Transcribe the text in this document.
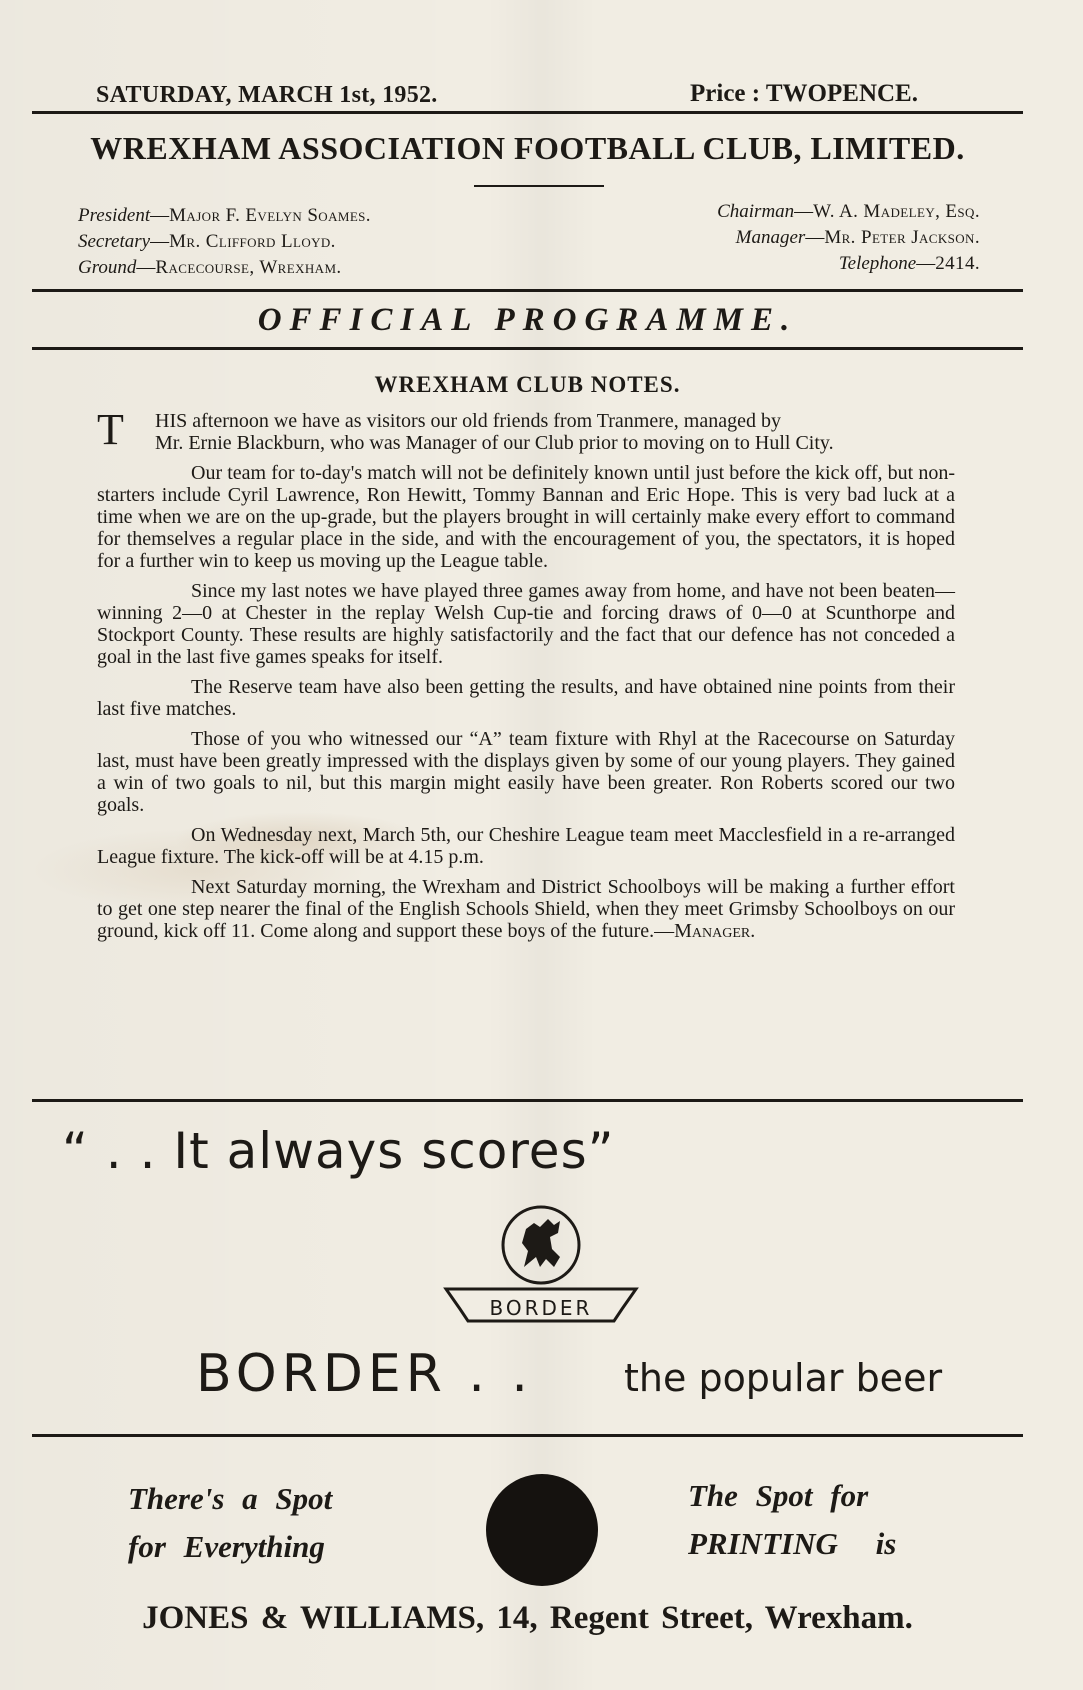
SATURDAY, MARCH 1st, 1952.	Price : TWOPENCE.
WREXHAM ASSOCIATION FOOTBALL CLUB, LIMITED.
President—Major F. Evelyn Soames.
Secretary—Mr. Clifford Lloyd.
Ground—Racecourse, Wrexham.
Chairman—W. A. Madeley, Esq.
Manager—Mr. Peter Jackson.
Telephone—2414.
OFFICIAL PROGRAMME.
WREXHAM CLUB NOTES.

T HIS afternoon we have as visitors our old friends from Tranmere, managed by
Mr. Ernie Blackburn, who was Manager of our Club prior to moving on to Hull City.

Our team for to-day's match will not be definitely known until just before the kick off, but non-starters include Cyril Lawrence, Ron Hewitt, Tommy Bannan and Eric Hope. This is very bad luck at a time when we are on the up-grade, but the players brought in will certainly make every effort to command for themselves a regular place in the side, and with the encouragement of you, the spectators, it is hoped for a further win to keep us moving up the League table.

Since my last notes we have played three games away from home, and have not been beaten—winning 2—0 at Chester in the replay Welsh Cup-tie and forcing draws of 0—0 at Scunthorpe and Stockport County. These results are highly satisfactorily and the fact that our defence has not conceded a goal in the last five games speaks for itself.

The Reserve team have also been getting the results, and have obtained nine points from their last five matches.

Those of you who witnessed our “A” team fixture with Rhyl at the Racecourse on Saturday last, must have been greatly impressed with the displays given by some of our young players. They gained a win of two goals to nil, but this margin might easily have been greater. Ron Roberts scored our two goals.

On Wednesday next, March 5th, our Cheshire League team meet Macclesfield in a re-arranged League fixture. The kick-off will be at 4.15 p.m.

Next Saturday morning, the Wrexham and District Schoolboys will be making a further effort to get one step nearer the final of the English Schools Shield, when they meet Grimsby Schoolboys on our ground, kick off 11. Come along and support these boys of the future.—Manager.

“ . . It always scores”
BORDER
BORDER . . the popular beer
There's a Spot
for Everything
The Spot for
PRINTING is
JONES & WILLIAMS, 14, Regent Street, Wrexham.
